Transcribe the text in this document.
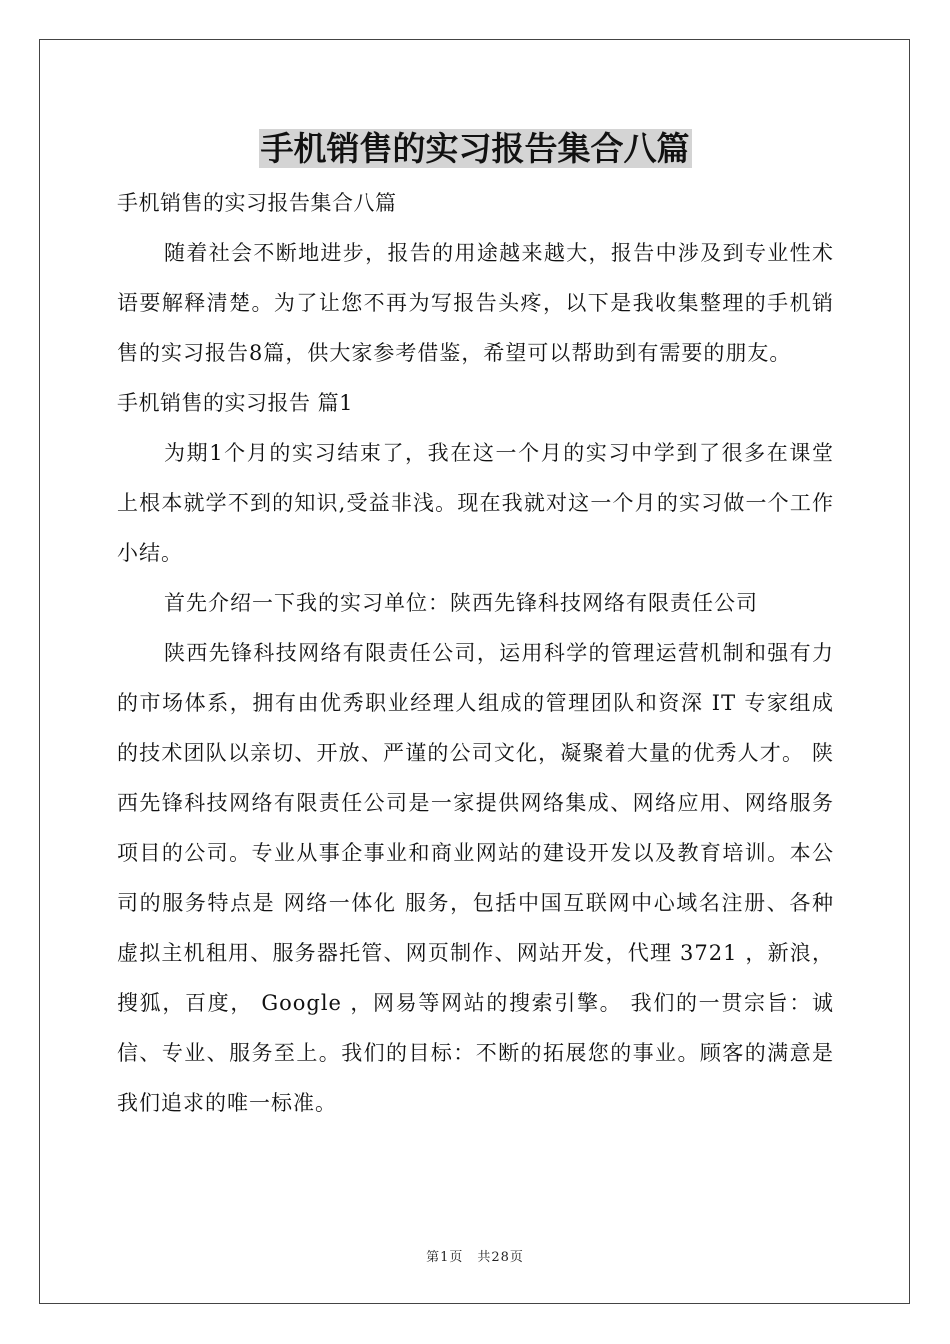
手机销售的实习报告集合八篇

手机销售的实习报告集合八篇

随着社会不断地进步，报告的用途越来越大，报告中涉及到专业性术语要解释清楚。为了让您不再为写报告头疼，以下是我收集整理的手机销售的实习报告8篇，供大家参考借鉴，希望可以帮助到有需要的朋友。

手机销售的实习报告 篇1

为期1个月的实习结束了，我在这一个月的实习中学到了很多在课堂上根本就学不到的知识,受益非浅。现在我就对这一个月的实习做一个工作小结。

首先介绍一下我的实习单位：陕西先锋科技网络有限责任公司

陕西先锋科技网络有限责任公司，运用科学的管理运营机制和强有力的市场体系，拥有由优秀职业经理人组成的管理团队和资深 IT 专家组成的技术团队以亲切、开放、严谨的公司文化，凝聚着大量的优秀人才。 陕西先锋科技网络有限责任公司是一家提供网络集成、网络应用、网络服务项目的公司。专业从事企事业和商业网站的建设开发以及教育培训。本公司的服务特点是 网络一体化 服务，包括中国互联网中心域名注册、各种虚拟主机租用、服务器托管、网页制作、网站开发，代理 3721 ，新浪，搜狐，百度， Google ，网易等网站的搜索引擎。 我们的一贯宗旨：诚信、专业、服务至上。我们的目标：不断的拓展您的事业。顾客的满意是我们追求的唯一标准。

第1页　共28页
